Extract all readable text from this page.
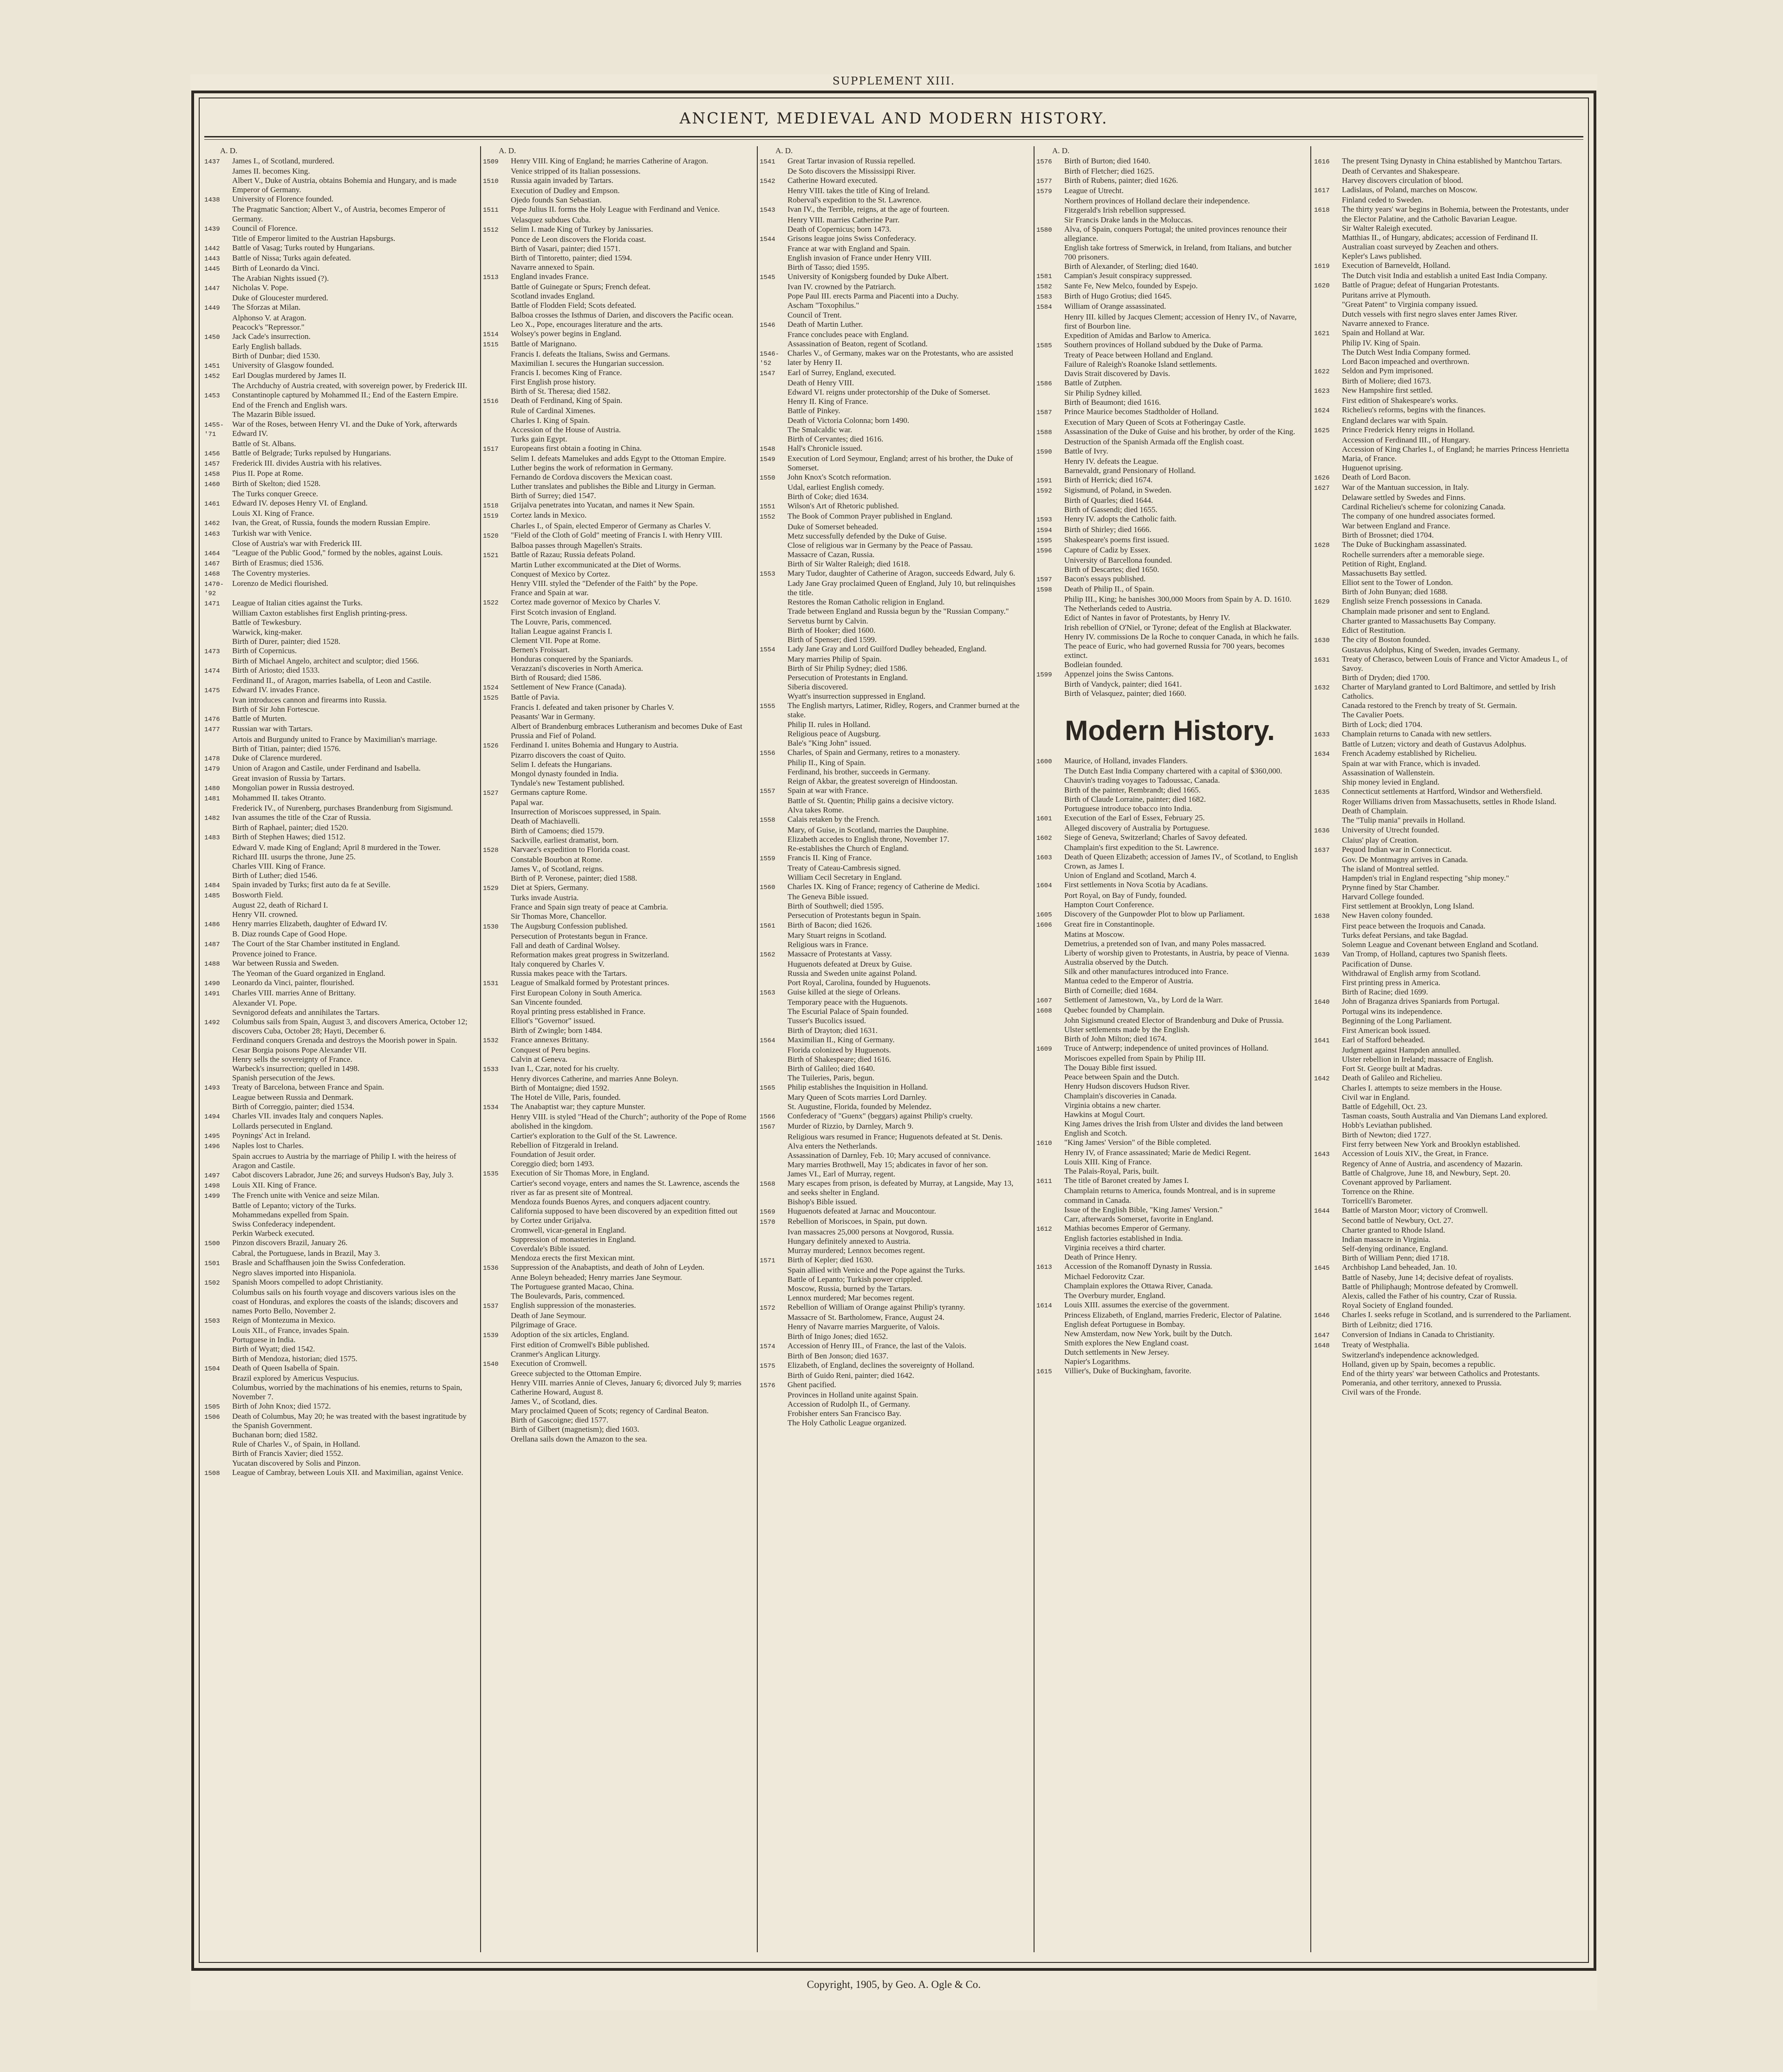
SUPPLEMENT XIII.
ANCIENT, MEDIEVAL AND MODERN HISTORY.
A. D.
1437	James I., of Scotland, murdered.
James II. becomes King.
Albert V., Duke of Austria, obtains Bohemia and Hungary, and is made Emperor of Germany.
1438	University of Florence founded.
The Pragmatic Sanction; Albert V., of Austria, becomes Emperor of Germany.
1439	Council of Florence.
Title of Emperor limited to the Austrian Hapsburgs.
1442	Battle of Vasag; Turks routed by Hungarians.
1443	Battle of Nissa; Turks again defeated.
1445	Birth of Leonardo da Vinci.
The Arabian Nights issued (?).
1447	Nicholas V. Pope.
Duke of Gloucester murdered.
1449	The Sforzas at Milan.
Alphonso V. at Aragon.
Peacock's "Repressor."
1450	Jack Cade's insurrection.
Early English ballads.
Birth of Dunbar; died 1530.
1451	University of Glasgow founded.
1452	Earl Douglas murdered by James II.
The Archduchy of Austria created, with sovereign power, by Frederick III.
1453	Constantinople captured by Mohammed II.; End of the Eastern Empire.
End of the French and English wars.
The Mazarin Bible issued.
1455-'71
War of the Roses, between Henry VI. and the Duke of York, afterwards Edward IV.
Battle of St. Albans.
1456	Battle of Belgrade; Turks repulsed by Hungarians.
1457	Frederick III. divides Austria with his relatives.
1458	Pius II. Pope at Rome.
1460	Birth of Skelton; died 1528.
The Turks conquer Greece.
1461	Edward IV. deposes Henry VI. of England.
Louis XI. King of France.
1462	Ivan, the Great, of Russia, founds the modern Russian Empire.
1463	Turkish war with Venice.
Close of Austria's war with Frederick III.
1464	"League of the Public Good," formed by the nobles, against Louis.
1467	Birth of Erasmus; died 1536.
1468	The Coventry mysteries.
1470-'92
Lorenzo de Medici flourished.
1471	League of Italian cities against the Turks.
William Caxton establishes first English printing-press.
Battle of Tewkesbury.
Warwick, king-maker.
Birth of Durer, painter; died 1528.
1473	Birth of Copernicus.
Birth of Michael Angelo, architect and sculptor; died 1566.
1474	Birth of Ariosto; died 1533.
Ferdinand II., of Aragon, marries Isabella, of Leon and Castile.
1475	Edward IV. invades France.
Ivan introduces cannon and firearms into Russia.
Birth of Sir John Fortescue.
1476	Battle of Murten.
1477	Russian war with Tartars.
Artois and Burgundy united to France by Maximilian's marriage.
Birth of Titian, painter; died 1576.
1478	Duke of Clarence murdered.
1479	Union of Aragon and Castile, under Ferdinand and Isabella.
Great invasion of Russia by Tartars.
1480	Mongolian power in Russia destroyed.
1481	Mohammed II. takes Otranto.
Frederick IV., of Nurenberg, purchases Brandenburg from Sigismund.
1482	Ivan assumes the title of the Czar of Russia.
Birth of Raphael, painter; died 1520.
1483	Birth of Stephen Hawes; died 1512.
Edward V. made King of England; April 8 murdered in the Tower.
Richard III. usurps the throne, June 25.
Charles VIII. King of France.
Birth of Luther; died 1546.
1484	Spain invaded by Turks; first auto da fe at Seville.
1485	Bosworth Field.
August 22, death of Richard I.
Henry VII. crowned.
1486	Henry marries Elizabeth, daughter of Edward IV.
B. Diaz rounds Cape of Good Hope.
1487	The Court of the Star Chamber instituted in England.
Provence joined to France.
1488	War between Russia and Sweden.
The Yeoman of the Guard organized in England.
1490	Leonardo da Vinci, painter, flourished.
1491	Charles VIII. marries Anne of Brittany.
Alexander VI. Pope.
Sevnigorod defeats and annihilates the Tartars.
1492	Columbus sails from Spain, August 3, and discovers America, October 12; discovers Cuba, October 28; Hayti, December 6.
Ferdinand conquers Grenada and destroys the Moorish power in Spain.
Cesar Borgia poisons Pope Alexander VII.
Henry sells the sovereignty of France.
Warbeck's insurrection; quelled in 1498.
Spanish persecution of the Jews.
1493	Treaty of Barcelona, between France and Spain.
League between Russia and Denmark.
Birth of Correggio, painter; died 1534.
1494	Charles VII. invades Italy and conquers Naples.
Lollards persecuted in England.
1495	Poynings' Act in Ireland.
1496	Naples lost to Charles.
Spain accrues to Austria by the marriage of Philip I. with the heiress of Aragon and Castile.
1497	Cabot discovers Labrador, June 26; and surveys Hudson's Bay, July 3.
1498	Louis XII. King of France.
1499	The French unite with Venice and seize Milan.
Battle of Lepanto; victory of the Turks.
Mohammedans expelled from Spain.
Swiss Confederacy independent.
Perkin Warbeck executed.
1500	Pinzon discovers Brazil, January 26.
Cabral, the Portuguese, lands in Brazil, May 3.
1501	Brasle and Schaffhausen join the Swiss Confederation.
Negro slaves imported into Hispaniola.
1502	Spanish Moors compelled to adopt Christianity.
Columbus sails on his fourth voyage and discovers various isles on the coast of Honduras, and explores the coasts of the islands; discovers and names Porto Bello, November 2.
1503	Reign of Montezuma in Mexico.
Louis XII., of France, invades Spain.
Portuguese in India.
Birth of Wyatt; died 1542.
Birth of Mendoza, historian; died 1575.
1504	Death of Queen Isabella of Spain.
Brazil explored by Americus Vespucius.
Columbus, worried by the machinations of his enemies, returns to Spain, November 7.
1505	Birth of John Knox; died 1572.
1506	Death of Columbus, May 20; he was treated with the basest ingratitude by the Spanish Government.
Buchanan born; died 1582.
Rule of Charles V., of Spain, in Holland.
Birth of Francis Xavier; died 1552.
Yucatan discovered by Solis and Pinzon.
1508	League of Cambray, between Louis XII. and Maximilian, against Venice.
A. D.
1509	Henry VIII. King of England; he marries Catherine of Aragon.
Venice stripped of its Italian possessions.
1510	Russia again invaded by Tartars.
Execution of Dudley and Empson.
Ojedo founds San Sebastian.
1511	Pope Julius II. forms the Holy League with Ferdinand and Venice.
Velasquez subdues Cuba.
1512	Selim I. made King of Turkey by Janissaries.
Ponce de Leon discovers the Florida coast.
Birth of Vasari, painter; died 1571.
Birth of Tintoretto, painter; died 1594.
Navarre annexed to Spain.
1513	England invades France.
Battle of Guinegate or Spurs; French defeat.
Scotland invades England.
Battle of Flodden Field; Scots defeated.
Balboa crosses the Isthmus of Darien, and discovers the Pacific ocean.
Leo X., Pope, encourages literature and the arts.
1514	Wolsey's power begins in England.
1515	Battle of Marignano.
Francis I. defeats the Italians, Swiss and Germans.
Maximilian I. secures the Hungarian succession.
Francis I. becomes King of France.
First English prose history.
Birth of St. Theresa; died 1582.
1516	Death of Ferdinand, King of Spain.
Rule of Cardinal Ximenes.
Charles I. King of Spain.
Accession of the House of Austria.
Turks gain Egypt.
1517	Europeans first obtain a footing in China.
Selim I. defeats Mamelukes and adds Egypt to the Ottoman Empire.
Luther begins the work of reformation in Germany.
Fernando de Cordova discovers the Mexican coast.
Luther translates and publishes the Bible and Liturgy in German.
Birth of Surrey; died 1547.
1518	Grijalva penetrates into Yucatan, and names it New Spain.
1519	Cortez lands in Mexico.
Charles I., of Spain, elected Emperor of Germany as Charles V.
1520	"Field of the Cloth of Gold" meeting of Francis I. with Henry VIII.
Balboa passes through Magellen's Straits.
1521	Battle of Razau; Russia defeats Poland.
Martin Luther excommunicated at the Diet of Worms.
Conquest of Mexico by Cortez.
Henry VIII. styled the "Defender of the Faith" by the Pope.
France and Spain at war.
1522	Cortez made governor of Mexico by Charles V.
First Scotch invasion of England.
The Louvre, Paris, commenced.
Italian League against Francis I.
Clement VII. Pope at Rome.
Bernen's Froissart.
Honduras conquered by the Spaniards.
Verazzani's discoveries in North America.
Birth of Rousard; died 1586.
1524	Settlement of New France (Canada).
1525	Battle of Pavia.
Francis I. defeated and taken prisoner by Charles V.
Peasants' War in Germany.
Albert of Brandenburg embraces Lutheranism and becomes Duke of East Prussia and Fief of Poland.
1526	Ferdinand I. unites Bohemia and Hungary to Austria.
Pizarro discovers the coast of Quito.
Selim I. defeats the Hungarians.
Mongol dynasty founded in India.
Tyndale's new Testament published.
1527	Germans capture Rome.
Papal war.
Insurrection of Moriscoes suppressed, in Spain.
Death of Machiavelli.
Birth of Camoens; died 1579.
Sackville, earliest dramatist, born.
1528	Narvaez's expedition to Florida coast.
Constable Bourbon at Rome.
James V., of Scotland, reigns.
Birth of P. Veronese, painter; died 1588.
1529	Diet at Spiers, Germany.
Turks invade Austria.
France and Spain sign treaty of peace at Cambria.
Sir Thomas More, Chancellor.
1530	The Augsburg Confession published.
Persecution of Protestants begun in France.
Fall and death of Cardinal Wolsey.
Reformation makes great progress in Switzerland.
Italy conquered by Charles V.
Russia makes peace with the Tartars.
1531	League of Smalkald formed by Protestant princes.
First European Colony in South America.
San Vincente founded.
Royal printing press established in France.
Elliot's "Governor" issued.
Birth of Zwingle; born 1484.
1532	France annexes Brittany.
Conquest of Peru begins.
Calvin at Geneva.
1533	Ivan I., Czar, noted for his cruelty.
Henry divorces Catherine, and marries Anne Boleyn.
Birth of Montaigne; died 1592.
The Hotel de Ville, Paris, founded.
1534	The Anabaptist war; they capture Munster.
Henry VIII. is styled "Head of the Church"; authority of the Pope of Rome abolished in the kingdom.
Cartier's exploration to the Gulf of the St. Lawrence.
Rebellion of Fitzgerald in Ireland.
Foundation of Jesuit order.
Coreggio died; born 1493.
1535	Execution of Sir Thomas More, in England.
Cartier's second voyage, enters and names the St. Lawrence, ascends the river as far as present site of Montreal.
Mendoza founds Buenos Ayres, and conquers adjacent country.
California supposed to have been discovered by an expedition fitted out by Cortez under Grijalva.
Cromwell, vicar-general in England.
Suppression of monasteries in England.
Coverdale's Bible issued.
Mendoza erects the first Mexican mint.
1536	Suppression of the Anabaptists, and death of John of Leyden.
Anne Boleyn beheaded; Henry marries Jane Seymour.
The Portuguese granted Macao, China.
The Boulevards, Paris, commenced.
1537	English suppression of the monasteries.
Death of Jane Seymour.
Pilgrimage of Grace.
1539	Adoption of the six articles, England.
First edition of Cromwell's Bible published.
Cranmer's Anglican Liturgy.
1540	Execution of Cromwell.
Greece subjected to the Ottoman Empire.
Henry VIII. marries Annie of Cleves, January 6; divorced July 9; marries Catherine Howard, August 8.
James V., of Scotland, dies.
Mary proclaimed Queen of Scots; regency of Cardinal Beaton.
Birth of Gascoigne; died 1577.
Birth of Gilbert (magnetism); died 1603.
Orellana sails down the Amazon to the sea.
A. D.
1541	Great Tartar invasion of Russia repelled.
De Soto discovers the Mississippi River.
1542	Catherine Howard executed.
Henry VIII. takes the title of King of Ireland.
Roberval's expedition to the St. Lawrence.
1543	Ivan IV., the Terrible, reigns, at the age of fourteen.
Henry VIII. marries Catherine Parr.
Death of Copernicus; born 1473.
1544	Grisons league joins Swiss Confederacy.
France at war with England and Spain.
English invasion of France under Henry VIII.
Birth of Tasso; died 1595.
1545	University of Konigsberg founded by Duke Albert.
Ivan IV. crowned by the Patriarch.
Pope Paul III. erects Parma and Piacenti into a Duchy.
Ascham "Toxophilus."
Council of Trent.
1546	Death of Martin Luther.
France concludes peace with England.
Assassination of Beaton, regent of Scotland.
1546-'52
Charles V., of Germany, makes war on the Protestants, who are assisted later by Henry II.
1547	Earl of Surrey, England, executed.
Death of Henry VIII.
Edward VI. reigns under protectorship of the Duke of Somerset.
Henry II. King of France.
Battle of Pinkey.
Death of Victoria Colonna; born 1490.
The Smalcaldic war.
Birth of Cervantes; died 1616.
1548	Hall's Chronicle issued.
1549	Execution of Lord Seymour, England; arrest of his brother, the Duke of Somerset.
1550	John Knox's Scotch reformation.
Udal, earliest English comedy.
Birth of Coke; died 1634.
1551	Wilson's Art of Rhetoric published.
1552	The Book of Common Prayer published in England.
Duke of Somerset beheaded.
Metz successfully defended by the Duke of Guise.
Close of religious war in Germany by the Peace of Passau.
Massacre of Cazan, Russia.
Birth of Sir Walter Raleigh; died 1618.
1553	Mary Tudor, daughter of Catherine of Aragon, succeeds Edward, July 6.
Lady Jane Gray proclaimed Queen of England, July 10, but relinquishes the title.
Restores the Roman Catholic religion in England.
Trade between England and Russia begun by the "Russian Company."
Servetus burnt by Calvin.
Birth of Hooker; died 1600.
Birth of Spenser; died 1599.
1554	Lady Jane Gray and Lord Guilford Dudley beheaded, England.
Mary marries Philip of Spain.
Birth of Sir Philip Sydney; died 1586.
Persecution of Protestants in England.
Siberia discovered.
Wyatt's insurrection suppressed in England.
1555	The English martyrs, Latimer, Ridley, Rogers, and Cranmer burned at the stake.
Philip II. rules in Holland.
Religious peace of Augsburg.
Bale's "King John" issued.
1556	Charles, of Spain and Germany, retires to a monastery.
Philip II., King of Spain.
Ferdinand, his brother, succeeds in Germany.
Reign of Akbar, the greatest sovereign of Hindoostan.
1557	Spain at war with France.
Battle of St. Quentin; Philip gains a decisive victory.
Alva takes Rome.
1558	Calais retaken by the French.
Mary, of Guise, in Scotland, marries the Dauphine.
Elizabeth accedes to English throne, November 17.
Re-establishes the Church of England.
1559	Francis II. King of France.
Treaty of Cateau-Cambresis signed.
William Cecil Secretary in England.
1560	Charles IX. King of France; regency of Catherine de Medici.
The Geneva Bible issued.
Birth of Southwell; died 1595.
Persecution of Protestants begun in Spain.
1561	Birth of Bacon; died 1626.
Mary Stuart reigns in Scotland.
Religious wars in France.
1562	Massacre of Protestants at Vassy.
Huguenots defeated at Dreux by Guise.
Russia and Sweden unite against Poland.
Port Royal, Carolina, founded by Huguenots.
1563	Guise killed at the siege of Orleans.
Temporary peace with the Huguenots.
The Escurial Palace of Spain founded.
Tusser's Bucolics issued.
Birth of Drayton; died 1631.
1564	Maximilian II., King of Germany.
Florida colonized by Huguenots.
Birth of Shakespeare; died 1616.
Birth of Galileo; died 1640.
The Tuileries, Paris, begun.
1565	Philip establishes the Inquisition in Holland.
Mary Queen of Scots marries Lord Darnley.
St. Augustine, Florida, founded by Melendez.
1566	Confederacy of "Guenx" (beggars) against Philip's cruelty.
1567	Murder of Rizzio, by Darnley, March 9.
Religious wars resumed in France; Huguenots defeated at St. Denis.
Alva enters the Netherlands.
Assassination of Darnley, Feb. 10; Mary accused of connivance.
Mary marries Brothwell, May 15; abdicates in favor of her son.
James VI., Earl of Murray, regent.
1568	Mary escapes from prison, is defeated by Murray, at Langside, May 13, and seeks shelter in England.
Bishop's Bible issued.
1569	Huguenots defeated at Jarnac and Moucontour.
1570	Rebellion of Moriscoes, in Spain, put down.
Ivan massacres 25,000 persons at Novgorod, Russia.
Hungary definitely annexed to Austria.
Murray murdered; Lennox becomes regent.
1571	Birth of Kepler; died 1630.
Spain allied with Venice and the Pope against the Turks.
Battle of Lepanto; Turkish power crippled.
Moscow, Russia, burned by the Tartars.
Lennox murdered; Mar becomes regent.
1572	Rebellion of William of Orange against Philip's tyranny.
Massacre of St. Bartholomew, France, August 24.
Henry of Navarre marries Marguerite, of Valois.
Birth of Inigo Jones; died 1652.
1574	Accession of Henry III., of France, the last of the Valois.
Birth of Ben Jonson; died 1637.
1575	Elizabeth, of England, declines the sovereignty of Holland.
Birth of Guido Reni, painter; died 1642.
1576	Ghent pacified.
Provinces in Holland unite against Spain.
Accession of Rudolph II., of Germany.
Frobisher enters San Francisco Bay.
The Holy Catholic League organized.
A. D.
1576	Birth of Burton; died 1640.
Birth of Fletcher; died 1625.
1577	Birth of Rubens, painter; died 1626.
1579	League of Utrecht.
Northern provinces of Holland declare their independence.
Fitzgerald's Irish rebellion suppressed.
Sir Francis Drake lands in the Moluccas.
1580	Alva, of Spain, conquers Portugal; the united provinces renounce their allegiance.
English take fortress of Smerwick, in Ireland, from Italians, and butcher 700 prisoners.
Birth of Alexander, of Sterling; died 1640.
1581	Campian's Jesuit conspiracy suppressed.
1582	Sante Fe, New Melco, founded by Espejo.
1583	Birth of Hugo Grotius; died 1645.
1584	William of Orange assassinated.
Henry III. killed by Jacques Clement; accession of Henry IV., of Navarre, first of Bourbon line.
Expedition of Amidas and Barlow to America.
1585	Southern provinces of Holland subdued by the Duke of Parma.
Treaty of Peace between Holland and England.
Failure of Raleigh's Roanoke Island settlements.
Davis Strait discovered by Davis.
1586	Battle of Zutphen.
Sir Philip Sydney killed.
Birth of Beaumont; died 1616.
1587	Prince Maurice becomes Stadtholder of Holland.
Execution of Mary Queen of Scots at Fotheringay Castle.
1588	Assassination of the Duke of Guise and his brother, by order of the King.
Destruction of the Spanish Armada off the English coast.
1590	Battle of Ivry.
Henry IV. defeats the League.
Barnevaldt, grand Pensionary of Holland.
1591	Birth of Herrick; died 1674.
1592	Sigismund, of Poland, in Sweden.
Birth of Quarles; died 1644.
Birth of Gassendi; died 1655.
1593	Henry IV. adopts the Catholic faith.
1594	Birth of Shirley; died 1666.
1595	Shakespeare's poems first issued.
1596	Capture of Cadiz by Essex.
University of Barcellona founded.
Birth of Descartes; died 1650.
1597	Bacon's essays published.
1598	Death of Philip II., of Spain.
Philip III., King; he banishes 300,000 Moors from Spain by A. D. 1610.
The Netherlands ceded to Austria.
Edict of Nantes in favor of Protestants, by Henry IV.
Irish rebellion of O'Niel, or Tyrone; defeat of the English at Blackwater.
Henry IV. commissions De la Roche to conquer Canada, in which he fails.
The peace of Euric, who had governed Russia for 700 years, becomes extinct.
Bodleian founded.
1599	Appenzel joins the Swiss Cantons.
Birth of Vandyck, painter; died 1641.
Birth of Velasquez, painter; died 1660.
Modern History.
1600	Maurice, of Holland, invades Flanders.
The Dutch East India Company chartered with a capital of $360,000.
Chauvin's trading voyages to Tadoussac, Canada.
Birth of the painter, Rembrandt; died 1665.
Birth of Claude Lorraine, painter; died 1682.
Portuguese introduce tobacco into India.
1601	Execution of the Earl of Essex, February 25.
Alleged discovery of Australia by Portuguese.
1602	Siege of Geneva, Switzerland; Charles of Savoy defeated.
Champlain's first expedition to the St. Lawrence.
1603	Death of Queen Elizabeth; accession of James IV., of Scotland, to English Crown, as James I.
Union of England and Scotland, March 4.
1604	First settlements in Nova Scotia by Acadians.
Port Royal, on Bay of Fundy, founded.
Hampton Court Conference.
1605	Discovery of the Gunpowder Plot to blow up Parliament.
1606	Great fire in Constantinople.
Matins at Moscow.
Demetrius, a pretended son of Ivan, and many Poles massacred.
Liberty of worship given to Protestants, in Austria, by peace of Vienna.
Australia observed by the Dutch.
Silk and other manufactures introduced into France.
Mantua ceded to the Emperor of Austria.
Birth of Corneille; died 1684.
1607	Settlement of Jamestown, Va., by Lord de la Warr.
1608	Quebec founded by Champlain.
John Sigismund created Elector of Brandenburg and Duke of Prussia.
Ulster settlements made by the English.
Birth of John Milton; died 1674.
1609	Truce of Antwerp; independence of united provinces of Holland.
Moriscoes expelled from Spain by Philip III.
The Douay Bible first issued.
Peace between Spain and the Dutch.
Henry Hudson discovers Hudson River.
Champlain's discoveries in Canada.
Virginia obtains a new charter.
Hawkins at Mogul Court.
King James drives the Irish from Ulster and divides the land between English and Scotch.
1610	"King James' Version" of the Bible completed.
Henry IV, of France assassinated; Marie de Medici Regent.
Louis XIII. King of France.
The Palais-Royal, Paris, built.
1611	The title of Baronet created by James I.
Champlain returns to America, founds Montreal, and is in supreme command in Canada.
Issue of the English Bible, "King James' Version."
Carr, afterwards Somerset, favorite in England.
1612	Mathias becomes Emperor of Germany.
English factories established in India.
Virginia receives a third charter.
Death of Prince Henry.
1613	Accession of the Romanoff Dynasty in Russia.
Michael Fedorovitz Czar.
Champlain explores the Ottawa River, Canada.
The Overbury murder, England.
1614	Louis XIII. assumes the exercise of the government.
Princess Elizabeth, of England, marries Frederic, Elector of Palatine.
English defeat Portuguese in Bombay.
New Amsterdam, now New York, built by the Dutch.
Smith explores the New England coast.
Dutch settlements in New Jersey.
Napier's Logarithms.
1615	Villier's, Duke of Buckingham, favorite.
1616	The present Tsing Dynasty in China established by Mantchou Tartars.
Death of Cervantes and Shakespeare.
Harvey discovers circulation of blood.
1617	Ladislaus, of Poland, marches on Moscow.
Finland ceded to Sweden.
1618	The thirty years' war begins in Bohemia, between the Protestants, under the Elector Palatine, and the Catholic Bavarian League.
Sir Walter Raleigh executed.
Matthias II., of Hungary, abdicates; accession of Ferdinand II.
Australian coast surveyed by Zeachen and others.
Kepler's Laws published.
1619	Execution of Barneveldt, Holland.
The Dutch visit India and establish a united East India Company.
1620	Battle of Prague; defeat of Hungarian Protestants.
Puritans arrive at Plymouth.
"Great Patent" to Virginia company issued.
Dutch vessels with first negro slaves enter James River.
Navarre annexed to France.
1621	Spain and Holland at War.
Philip IV. King of Spain.
The Dutch West India Company formed.
Lord Bacon impeached and overthrown.
1622	Seldon and Pym imprisoned.
Birth of Moliere; died 1673.
1623	New Hampshire first settled.
First edition of Shakespeare's works.
1624	Richelieu's reforms, begins with the finances.
England declares war with Spain.
1625	Prince Frederick Henry reigns in Holland.
Accession of Ferdinand III., of Hungary.
Accession of King Charles I., of England; he marries Princess Henrietta Maria, of France.
Huguenot uprising.
1626	Death of Lord Bacon.
1627	War of the Mantuan succession, in Italy.
Delaware settled by Swedes and Finns.
Cardinal Richelieu's scheme for colonizing Canada.
The company of one hundred associates formed.
War between England and France.
Birth of Brossnet; died 1704.
1628	The Duke of Buckingham assassinated.
Rochelle surrenders after a memorable siege.
Petition of Right, England.
Massachusetts Bay settled.
Elliot sent to the Tower of London.
Birth of John Bunyan; died 1688.
1629	English seize French possessions in Canada.
Champlain made prisoner and sent to England.
Charter granted to Massachusetts Bay Company.
Edict of Restitution.
1630	The city of Boston founded.
Gustavus Adolphus, King of Sweden, invades Germany.
1631	Treaty of Cherasco, between Louis of France and Victor Amadeus I., of Savoy.
Birth of Dryden; died 1700.
1632	Charter of Maryland granted to Lord Baltimore, and settled by Irish Catholics.
Canada restored to the French by treaty of St. Germain.
The Cavalier Poets.
Birth of Lock; died 1704.
1633	Champlain returns to Canada with new settlers.
Battle of Lutzen; victory and death of Gustavus Adolphus.
1634	French Academy established by Richelieu.
Spain at war with France, which is invaded.
Assassination of Wallenstein.
Ship money levied in England.
1635	Connecticut settlements at Hartford, Windsor and Wethersfield.
Roger Williams driven from Massachusetts, settles in Rhode Island.
Death of Champlain.
The "Tulip mania" prevails in Holland.
1636	University of Utrecht founded.
Claius' play of Creation.
1637	Pequod Indian war in Connecticut.
Gov. De Montmagny arrives in Canada.
The island of Montreal settled.
Hampden's trial in England respecting "ship money."
Prynne fined by Star Chamber.
Harvard College founded.
First settlement at Brooklyn, Long Island.
1638	New Haven colony founded.
First peace between the Iroquois and Canada.
Turks defeat Persians, and take Bagdad.
Solemn League and Covenant between England and Scotland.
1639	Van Tromp, of Holland, captures two Spanish fleets.
Pacification of Dunse.
Withdrawal of English army from Scotland.
First printing press in America.
Birth of Racine; died 1699.
1640	John of Braganza drives Spaniards from Portugal.
Portugal wins its independence.
Beginning of the Long Parliament.
First American book issued.
1641	Earl of Stafford beheaded.
Judgment against Hampden annulled.
Ulster rebellion in Ireland; massacre of English.
Fort St. George built at Madras.
1642	Death of Galileo and Richelieu.
Charles I. attempts to seize members in the House.
Civil war in England.
Battle of Edgehill, Oct. 23.
Tasman coasts, South Australia and Van Diemans Land explored.
Hobb's Leviathan published.
Birth of Newton; died 1727.
First ferry between New York and Brooklyn established.
1643	Accession of Louis XIV., the Great, in France.
Regency of Anne of Austria, and ascendency of Mazarin.
Battle of Chalgrove, June 18, and Newbury, Sept. 20.
Covenant approved by Parliament.
Torrence on the Rhine.
Torricelli's Barometer.
1644	Battle of Marston Moor; victory of Cromwell.
Second battle of Newbury, Oct. 27.
Charter granted to Rhode Island.
Indian massacre in Virginia.
Self-denying ordinance, England.
Birth of William Penn; died 1718.
1645	Archbishop Land beheaded, Jan. 10.
Battle of Naseby, June 14; decisive defeat of royalists.
Battle of Philiphaugh; Montrose defeated by Cromwell.
Alexis, called the Father of his country, Czar of Russia.
Royal Society of England founded.
1646	Charles I. seeks refuge in Scotland, and is surrendered to the Parliament.
Birth of Leibnitz; died 1716.
1647	Conversion of Indians in Canada to Christianity.
1648	Treaty of Westphalia.
Switzerland's independence acknowledged.
Holland, given up by Spain, becomes a republic.
End of the thirty years' war between Catholics and Protestants.
Pomerania, and other territory, annexed to Prussia.
Civil wars of the Fronde.
Copyright, 1905, by Geo. A. Ogle & Co.
